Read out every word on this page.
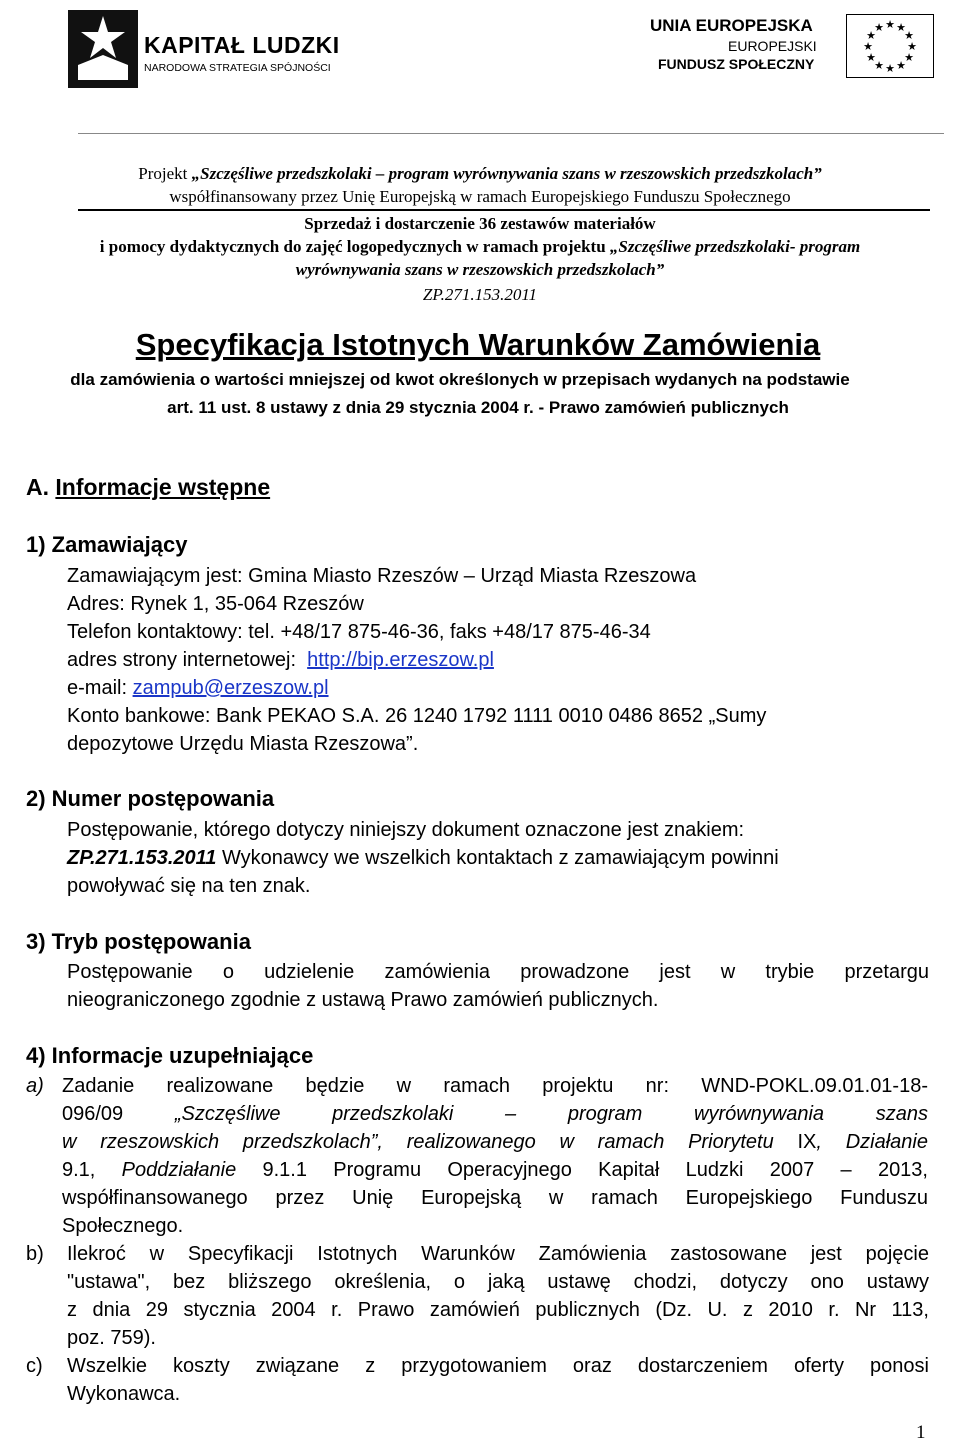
KAPITAŁ LUDZKI
NARODOWA STRATEGIA SPÓJNOŚCI
UNIA EUROPEJSKA
EUROPEJSKI
FUNDUSZ SPOŁECZNY
★ ★
★
★
★
★
★
★
★
★
★
★
Projekt „Szczęśliwe przedszkolaki – program wyrównywania szans w rzeszowskich przedszkolach”
współfinansowany przez Unię Europejską w ramach Europejskiego Funduszu Społecznego
Sprzedaż i dostarczenie 36 zestawów materiałów
i pomocy dydaktycznych do zajęć logopedycznych w ramach projektu „Szczęśliwe przedszkolaki- program
wyrównywania szans w rzeszowskich przedszkolach”
ZP.271.153.2011
Specyfikacja Istotnych Warunków Zamówienia
dla zamówienia o wartości mniejszej od kwot określonych w przepisach wydanych na podstawie
art. 11 ust. 8 ustawy z dnia 29 stycznia 2004 r. - Prawo zamówień publicznych
A. Informacje wstępne
1) Zamawiający
Zamawiającym jest: Gmina Miasto Rzeszów – Urząd Miasta Rzeszowa
Adres: Rynek 1, 35-064 Rzeszów
Telefon kontaktowy: tel. +48/17 875-46-36, faks +48/17 875-46-34
adres strony internetowej: http://bip.erzeszow.pl
e-mail: zampub@erzeszow.pl
Konto bankowe: Bank PEKAO S.A. 26 1240 1792 1111 0010 0486 8652 „Sumy
depozytowe Urzędu Miasta Rzeszowa”.
2) Numer postępowania
Postępowanie, którego dotyczy niniejszy dokument oznaczone jest znakiem:
ZP.271.153.2011 Wykonawcy we wszelkich kontaktach z zamawiającym powinni
powoływać się na ten znak.
3) Tryb postępowania
Postępowanie o udzielenie zamówienia prowadzone jest w trybie przetargu
nieograniczonego zgodnie z ustawą Prawo zamówień publicznych.
4) Informacje uzupełniające
a) Zadanie realizowane będzie w ramach projektu nr: WND-POKL.09.01.01-18-
096/09 „Szczęśliwe przedszkolaki – program wyrównywania szans
w rzeszowskich przedszkolach”, realizowanego w ramach Priorytetu IX, Działanie
9.1, Poddziałanie 9.1.1 Programu Operacyjnego Kapitał Ludzki 2007 – 2013,
współfinansowanego przez Unię Europejską w ramach Europejskiego Funduszu
Społecznego.
b) Ilekroć w Specyfikacji Istotnych Warunków Zamówienia zastosowane jest pojęcie
"ustawa", bez bliższego określenia, o jaką ustawę chodzi, dotyczy ono ustawy
z dnia 29 stycznia 2004 r. Prawo zamówień publicznych (Dz. U. z 2010 r. Nr 113,
poz. 759).
c) Wszelkie koszty związane z przygotowaniem oraz dostarczeniem oferty ponosi
Wykonawca.
1
